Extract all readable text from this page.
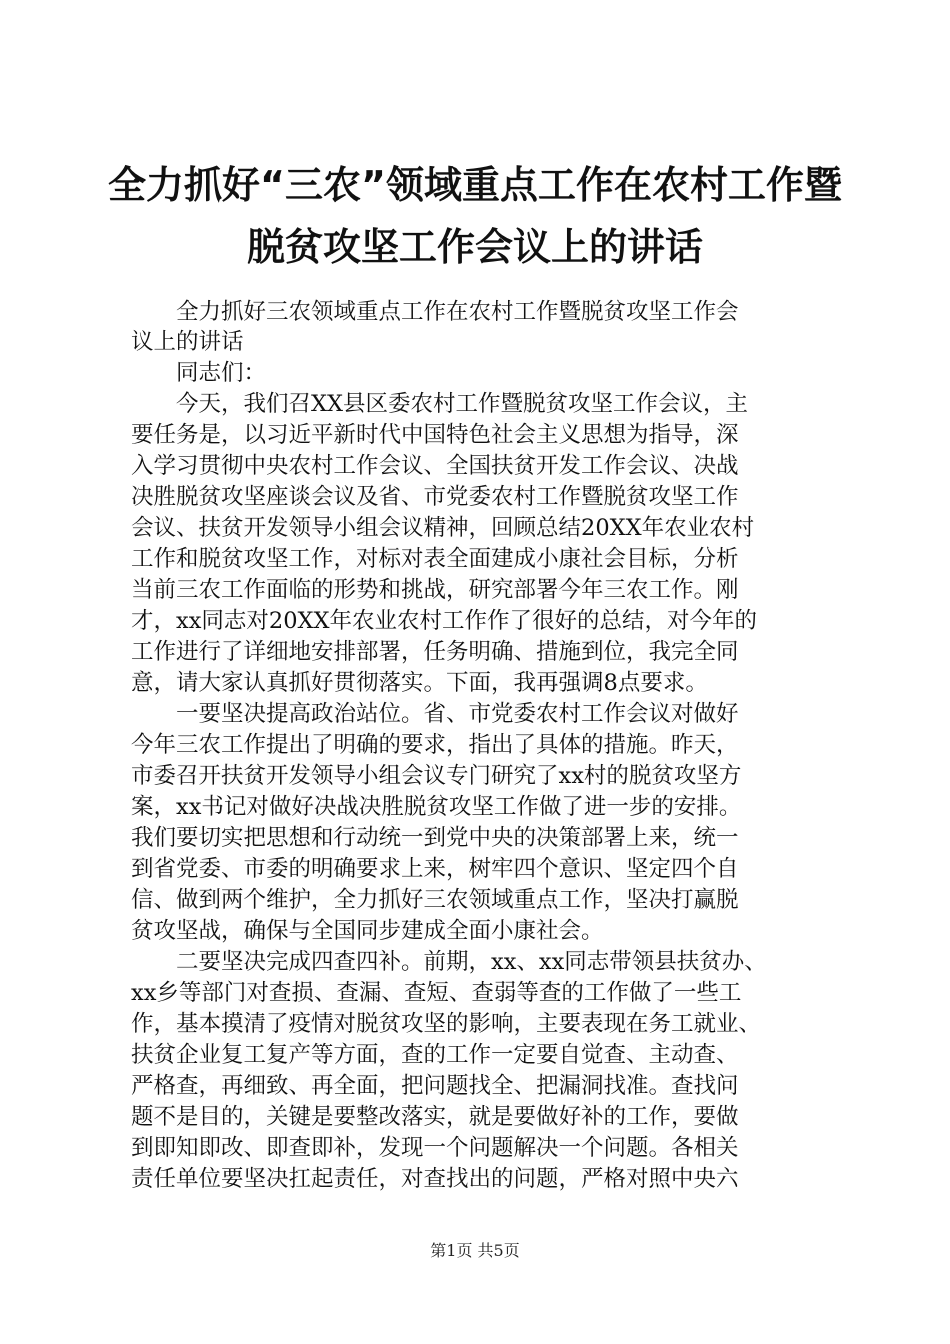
全力抓好“三农”领域重点工作在农村工作暨
脱贫攻坚工作会议上的讲话
　　全力抓好三农领域重点工作在农村工作暨脱贫攻坚工作会
议上的讲话
　　同志们：
　　今天，我们召XX县区委农村工作暨脱贫攻坚工作会议，主
要任务是，以习近平新时代中国特色社会主义思想为指导，深
入学习贯彻中央农村工作会议、全国扶贫开发工作会议、决战
决胜脱贫攻坚座谈会议及省、市党委农村工作暨脱贫攻坚工作
会议、扶贫开发领导小组会议精神，回顾总结20XX年农业农村
工作和脱贫攻坚工作，对标对表全面建成小康社会目标，分析
当前三农工作面临的形势和挑战，研究部署今年三农工作。刚
才，xx同志对20XX年农业农村工作作了很好的总结，对今年的
工作进行了详细地安排部署，任务明确、措施到位，我完全同
意，请大家认真抓好贯彻落实。下面，我再强调8点要求。
　　一要坚决提高政治站位。省、市党委农村工作会议对做好
今年三农工作提出了明确的要求，指出了具体的措施。昨天，
市委召开扶贫开发领导小组会议专门研究了xx村的脱贫攻坚方
案，xx书记对做好决战决胜脱贫攻坚工作做了进一步的安排。
我们要切实把思想和行动统一到党中央的决策部署上来，统一
到省党委、市委的明确要求上来，树牢四个意识、坚定四个自
信、做到两个维护，全力抓好三农领域重点工作，坚决打赢脱
贫攻坚战，确保与全国同步建成全面小康社会。
　　二要坚决完成四查四补。前期，xx、xx同志带领县扶贫办、
xx乡等部门对查损、查漏、查短、查弱等查的工作做了一些工
作，基本摸清了疫情对脱贫攻坚的影响，主要表现在务工就业、
扶贫企业复工复产等方面，查的工作一定要自觉查、主动查、
严格查，再细致、再全面，把问题找全、把漏洞找准。查找问
题不是目的，关键是要整改落实，就是要做好补的工作，要做
到即知即改、即查即补，发现一个问题解决一个问题。各相关
责任单位要坚决扛起责任，对查找出的问题，严格对照中央六
第1页 共5页
